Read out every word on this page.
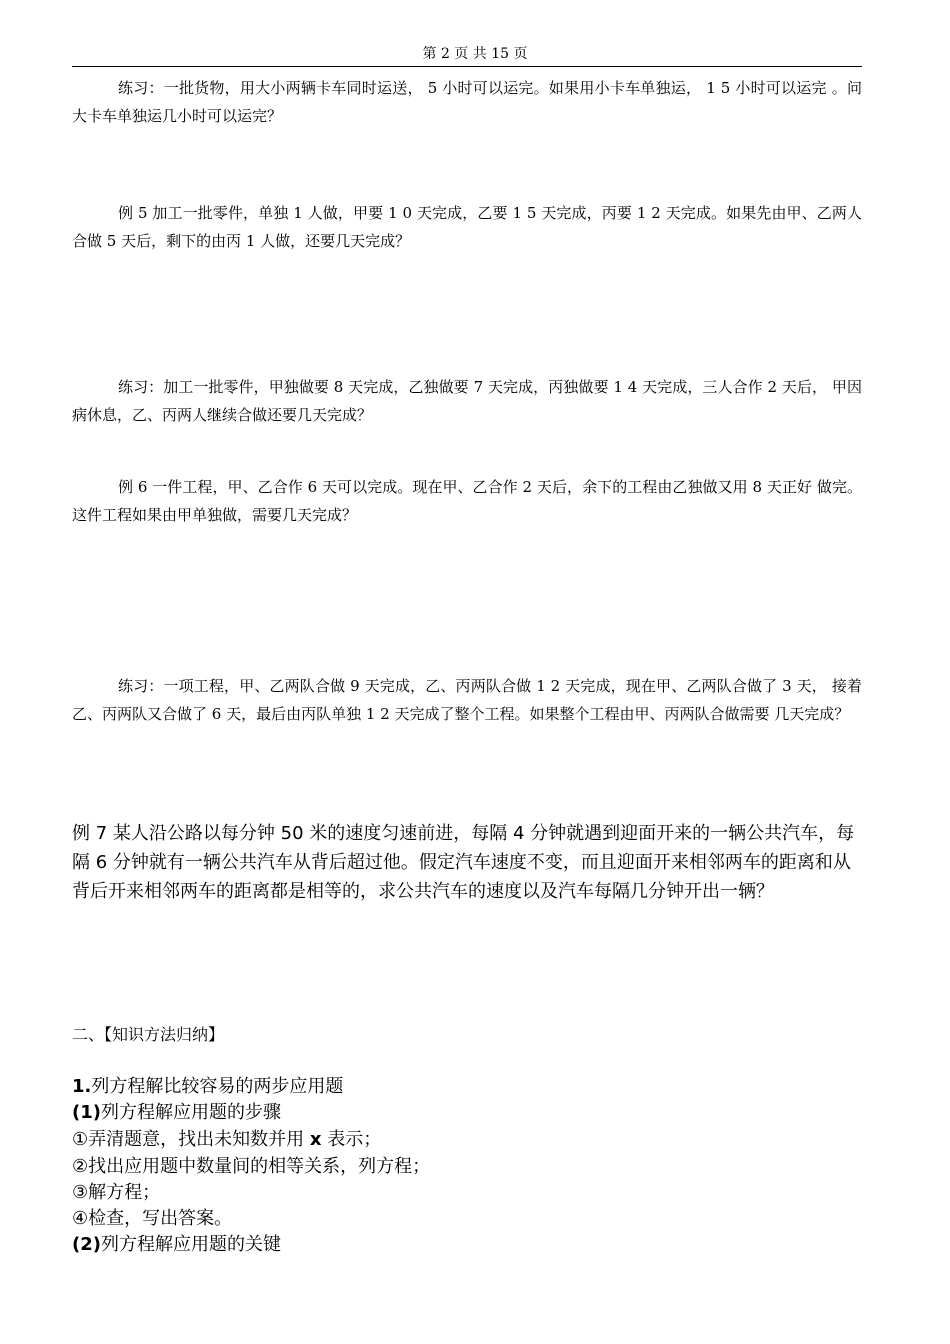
第 2 页 共 15 页
练习：一批货物，用大小两辆卡车同时运送， 5 小时可以运完。如果用小卡车单独运， 1 5 小时可以运完 。问大卡车单独运几小时可以运完？
例 5 加工一批零件，单独 1 人做，甲要 1 0 天完成，乙要 1 5 天完成，丙要 1 2 天完成。如果先由甲、乙两人合做 5 天后，剩下的由丙 1 人做，还要几天完成？
练习：加工一批零件，甲独做要 8 天完成，乙独做要 7 天完成，丙独做要 1 4 天完成，三人合作 2 天后， 甲因病休息，乙、丙两人继续合做还要几天完成？
例 6 一件工程，甲、乙合作 6 天可以完成。现在甲、乙合作 2 天后，余下的工程由乙独做又用 8 天正好 做完。这件工程如果由甲单独做，需要几天完成？
练习：一项工程，甲、乙两队合做 9 天完成，乙、丙两队合做 1 2 天完成，现在甲、乙两队合做了 3 天， 接着乙、丙两队又合做了 6 天，最后由丙队单独 1 2 天完成了整个工程。如果整个工程由甲、丙两队合做需要 几天完成？
例 7 某人沿公路以每分钟 50 米的速度匀速前进，每隔 4 分钟就遇到迎面开来的一辆公共汽车，每隔 6 分钟就有一辆公共汽车从背后超过他。假定汽车速度不变，而且迎面开来相邻两车的距离和从背后开来相邻两车的距离都是相等的，求公共汽车的速度以及汽车每隔几分钟开出一辆？
二、【知识方法归纳】
1.列方程解比较容易的两步应用题
(1)列方程解应用题的步骤
①弄清题意，找出未知数并用 x 表示；
②找出应用题中数量间的相等关系，列方程；
③解方程；
④检查，写出答案。
(2)列方程解应用题的关键
